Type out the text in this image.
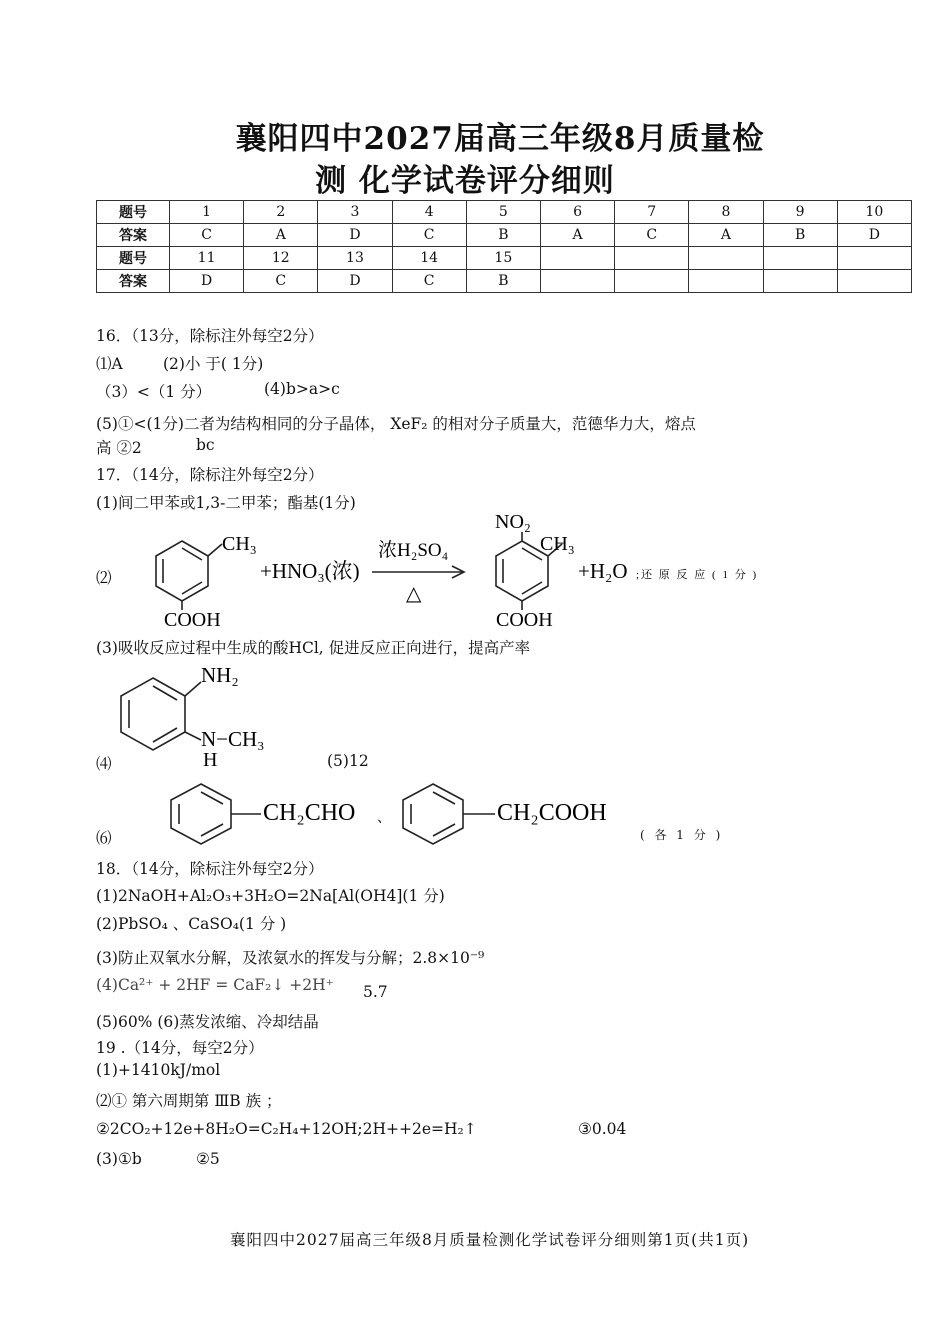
襄阳四中2027届高三年级8月质量检
测 化学试卷评分细则
题号	1	2	3	4	5	6	7	8	9	10
答案	C	A	D	C	B	A	C	A	B	D
题号	11	12	13	14	15					
答案	D	C	D	C	B					
16．（13分，除标注外每空2分）
⑴A	(2)小 于( 1分)
（3）<（1 分）	(4)b>a>c
(5)①<(1分)二者为结构相同的分子晶体， XeF₂ 的相对分子质量大，范德华力大，熔点
高 ②2	bc
17．（14分，除标注外每空2分）
(1)间二甲苯或1,3-二甲苯；酯基(1分)
⑵
CH₃
COOH
+HNO₃(浓)
浓H₂SO₄
△
NO₂
CH₃
COOH
+H₂O ;还 原 反 应 ( 1 分 )
(3)吸收反应过程中生成的酸HCl, 促进反应正向进行，提高产率
⑷
NH₂
N−CH₃
H	(5)12
⑹
CH₂CHO 、	CH₂COOH
( 各 1 分 )
18．（14分，除标注外每空2分）
(1)2NaOH+Al₂O₃+3H₂O=2Na[Al(OH4](1 分)
(2)PbSO₄ 、CaSO₄(1 分 )
(3)防止双氧水分解，及浓氨水的挥发与分解；2.8×10⁻⁹
(4)Ca²⁺ + 2HF = CaF₂↓ +2H⁺ 5.7
(5)60% (6)蒸发浓缩、冷却结晶
19 .（14分，每空2分）
(1)+1410kJ/mol
⑵① 第六周期第 ⅢB 族 ；
②2CO₂+12e+8H₂O=C₂H₄+12OH;2H++2e=H₂↑	③0.04
(3)①b	②5
襄阳四中2027届高三年级8月质量检测化学试卷评分细则第1页(共1页)
